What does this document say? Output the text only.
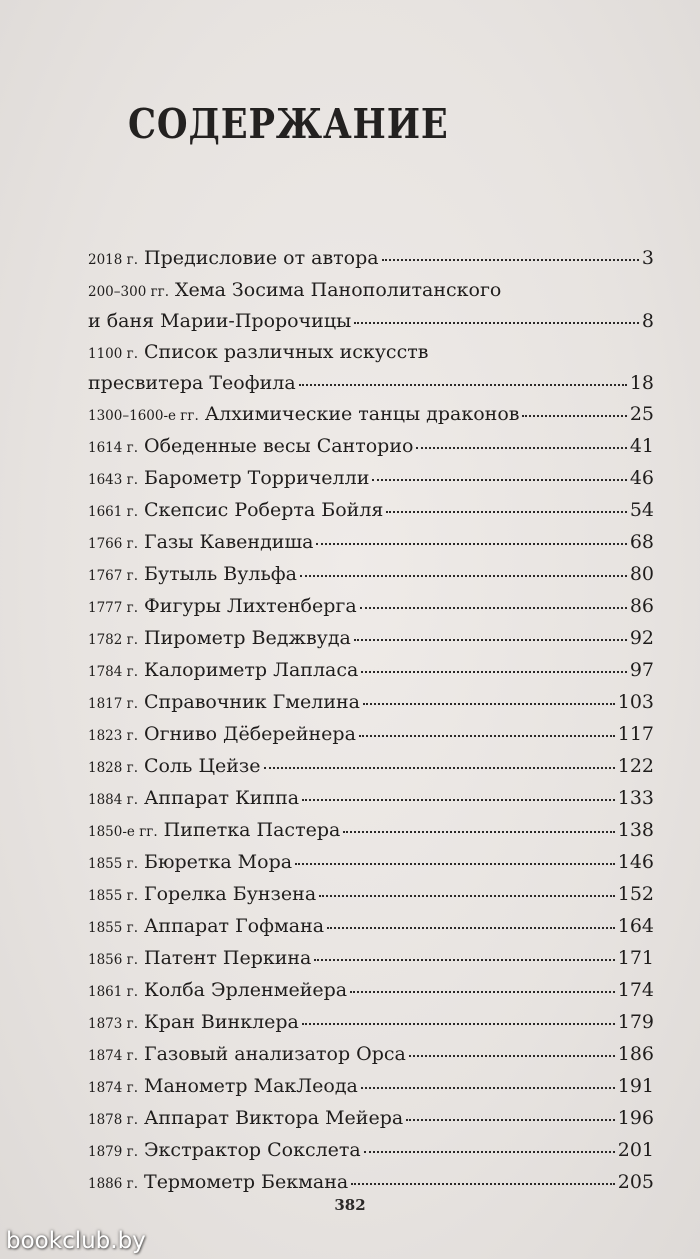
СОДЕРЖАНИЕ
2018 г. Предисловие от автора	3
200–300 гг. Хема Зосима Панополитанского
и баня Марии-Пророчицы	8
1100 г. Список различных искусств
пресвитера Теофила	18
1300–1600-е гг. Алхимические танцы драконов	25
1614 г. Обеденные весы Санторио	41
1643 г. Барометр Торричелли	46
1661 г. Скепсис Роберта Бойля	54
1766 г. Газы Кавендиша	68
1767 г. Бутыль Вульфа	80
1777 г. Фигуры Лихтенберга	86
1782 г. Пирометр Веджвуда	92
1784 г. Калориметр Лапласа	97
1817 г. Справочник Гмелина	103
1823 г. Огниво Дёберейнера	117
1828 г. Соль Цейзе	122
1884 г. Аппарат Киппа	133
1850-е гг. Пипетка Пастера	138
1855 г. Бюретка Мора	146
1855 г. Горелка Бунзена	152
1855 г. Аппарат Гофмана	164
1856 г. Патент Перкина	171
1861 г. Колба Эрленмейера	174
1873 г. Кран Винклера	179
1874 г. Газовый анализатор Орса	186
1874 г. Манометр МакЛеода	191
1878 г. Аппарат Виктора Мейера	196
1879 г. Экстрактор Сокслета	201
1886 г. Термометр Бекмана	205
382
bookclub.by
